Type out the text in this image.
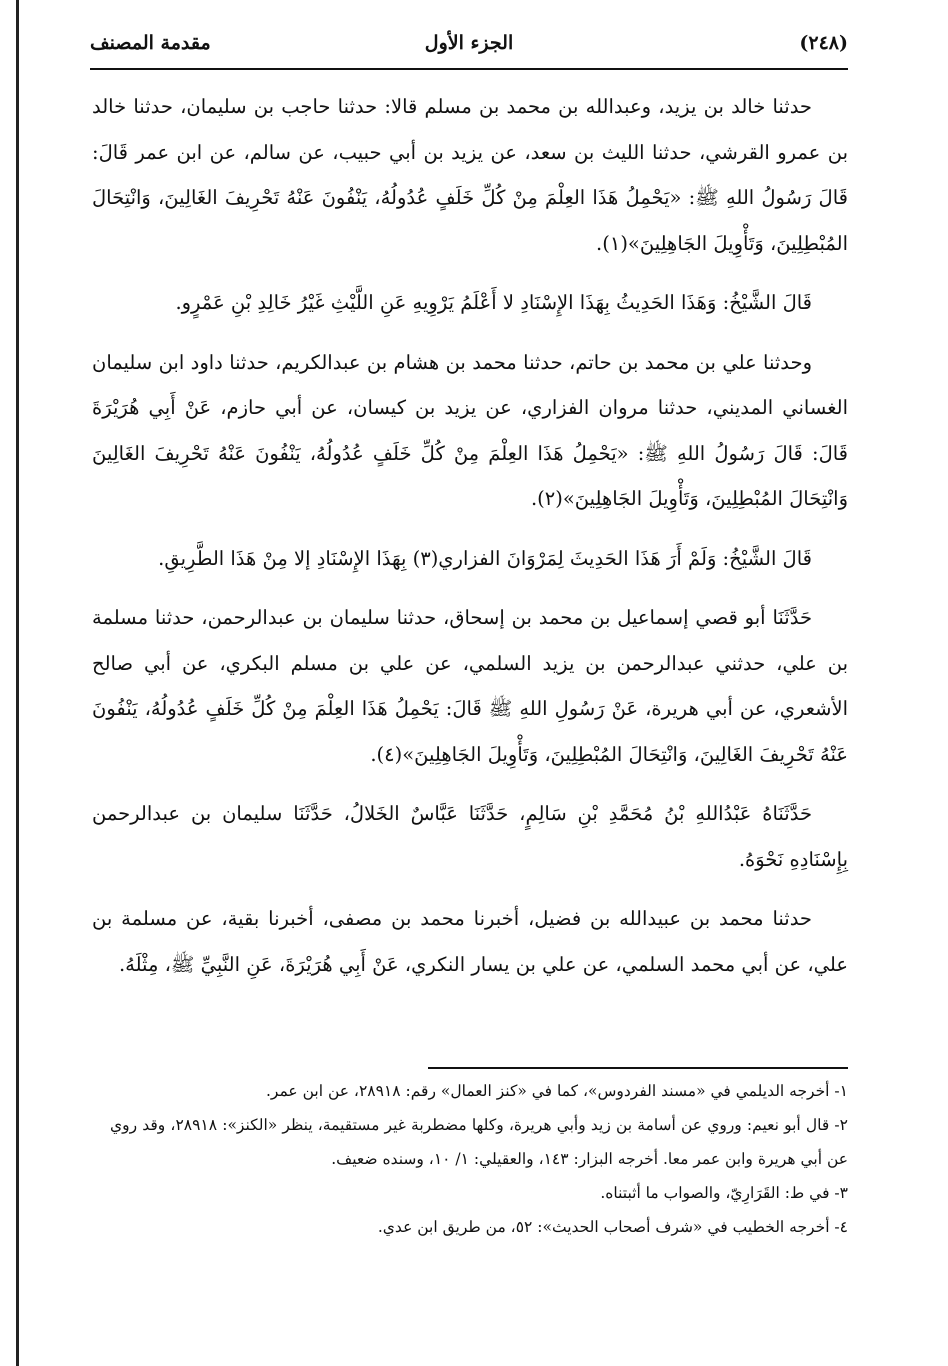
(٢٤٨)
الجزء الأول
مقدمة المصنف

حدثنا خالد بن يزيد، وعبدالله بن محمد بن مسلم قالا: حدثنا حاجب بن سليمان، حدثنا خالد بن عمرو القرشي، حدثنا الليث بن سعد، عن يزيد بن أبي حبيب، عن سالم، عن ابن عمر قَالَ: قَالَ رَسُولُ اللهِ ﷺ: «يَحْمِلُ هَذَا العِلْمَ مِنْ كُلِّ خَلَفٍ عُدُولُهُ، يَنْفُونَ عَنْهُ تَحْرِيفَ الغَالِينَ، وَانْتِحَالَ المُبْطِلِينَ، وَتَأْوِيلَ الجَاهِلِينَ»(١).

قَالَ الشَّيْخُ: وَهَذَا الحَدِيثُ بِهَذَا الإِسْنَادِ لا أَعْلَمُ يَرْوِيهِ عَنِ اللَّيْثِ غَيْرُ خَالِدِ بْنِ عَمْرٍو.

وحدثنا علي بن محمد بن حاتم، حدثنا محمد بن هشام بن عبدالكريم، حدثنا داود ابن سليمان الغساني المديني، حدثنا مروان الفزاري، عن يزيد بن كيسان، عن أبي حازم، عَنْ أَبِي هُرَيْرَةَ قَالَ: قَالَ رَسُولُ اللهِ ﷺ: «يَحْمِلُ هَذَا العِلْمَ مِنْ كُلِّ خَلَفٍ عُدُولُهُ، يَنْفُونَ عَنْهُ تَحْرِيفَ الغَالِينَ وَانْتِحَالَ المُبْطِلِينَ، وَتَأْوِيلَ الجَاهِلِينَ»(٢).

قَالَ الشَّيْخُ: وَلَمْ أَرَ هَذَا الحَدِيثَ لِمَرْوَانَ الفزاري(٣) بِهَذَا الإِسْنَادِ إلا مِنْ هَذَا الطَّرِيقِ.

حَدَّثَنَا أبو قصي إسماعيل بن محمد بن إسحاق، حدثنا سليمان بن عبدالرحمن، حدثنا مسلمة بن علي، حدثني عبدالرحمن بن يزيد السلمي، عن علي بن مسلم البكري، عن أبي صالح الأشعري، عن أبي هريرة، عَنْ رَسُولِ اللهِ ﷺ قَالَ: يَحْمِلُ هَذَا العِلْمَ مِنْ كُلِّ خَلَفٍ عُدُولُهُ، يَنْفُونَ عَنْهُ تَحْرِيفَ الغَالِينَ، وَانْتِحَالَ المُبْطِلِينَ، وَتَأْوِيلَ الجَاهِلِينَ»(٤).

حَدَّثَنَاهُ عَبْدُاللهِ بْنُ مُحَمَّدِ بْنِ سَالِمٍ، حَدَّثَنَا عَبَّاسٌ الخَلالُ، حَدَّثَنَا سليمان بن عبدالرحمن بِإِسْنَادِهِ نَحْوَهُ.

حدثنا محمد بن عبيدالله بن فضيل، أخبرنا محمد بن مصفى، أخبرنا بقية، عن مسلمة بن علي، عن أبي محمد السلمي، عن علي بن يسار النكري، عَنْ أَبِي هُرَيْرَةَ، عَنِ النَّبِيِّ ﷺ، مِثْلَهُ.

١- أخرجه الديلمي في «مسند الفردوس»، كما في «كنز العمال» رقم: ٢٨٩١٨، عن ابن عمر.

٢- قال أبو نعيم: وروي عن أسامة بن زيد وأبي هريرة، وكلها مضطربة غير مستقيمة، ينظر «الكنز»: ٢٨٩١٨، وقد روي عن أبي هريرة وابن عمر معا. أخرجه البزار: ١٤٣، والعقيلي: ١/ ١٠، وسنده ضعيف.

٣- في ط: القَرَارِيّ، والصواب ما أثبتناه.

٤- أخرجه الخطيب في «شرف أصحاب الحديث»: ٥٢، من طريق ابن عدي.
